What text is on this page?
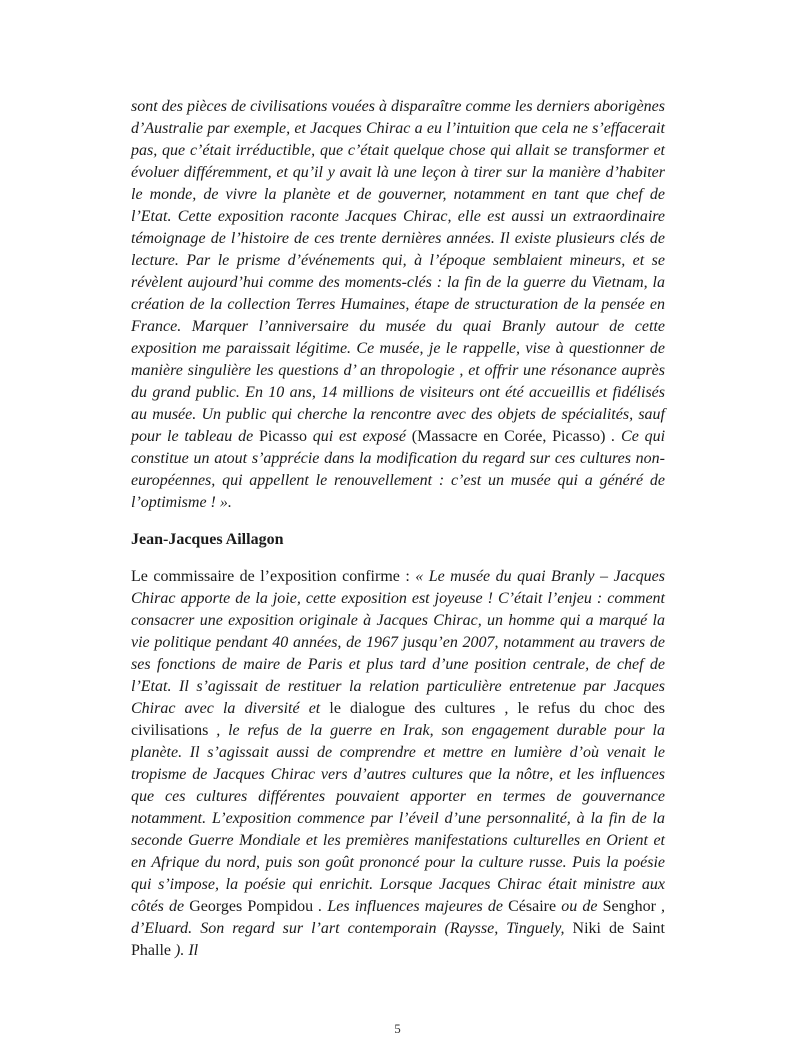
sont des pièces de civilisations vouées à disparaître comme les derniers aborigènes d’Australie par exemple, et Jacques Chirac a eu l’intuition que cela ne s’effacerait pas, que c’était irréductible, que c’était quelque chose qui allait se transformer et évoluer différemment, et qu’il y avait là une leçon à tirer sur la manière d’habiter le monde, de vivre la planète et de gouverner, notamment en tant que chef de l’Etat. Cette exposition raconte Jacques Chirac, elle est aussi un extraordinaire témoignage de l’histoire de ces trente dernières années. Il existe plusieurs clés de lecture. Par le prisme d’événements qui, à l’époque semblaient mineurs, et se révèlent aujourd’hui comme des moments-clés : la fin de la guerre du Vietnam, la création de la collection Terres Humaines, étape de structuration de la pensée en France. Marquer l’anniversaire du musée du quai Branly autour de cette exposition me paraissait légitime. Ce musée, je le rappelle, vise à questionner de manière singulière les questions d’ an thropologie , et offrir une résonance auprès du grand public. En 10 ans, 14 millions de visiteurs ont été accueillis et fidélisés au musée. Un public qui cherche la rencontre avec des objets de spécialités, sauf pour le tableau de Picasso qui est exposé (Massacre en Corée, Picasso) . Ce qui constitue un atout s’apprécie dans la modification du regard sur ces cultures non-européennes, qui appellent le renouvellement : c’est un musée qui a généré de l’optimisme ! ».

Jean-Jacques Aillagon

Le commissaire de l’exposition confirme : « Le musée du quai Branly – Jacques Chirac apporte de la joie, cette exposition est joyeuse ! C’était l’enjeu : comment consacrer une exposition originale à Jacques Chirac, un homme qui a marqué la vie politique pendant 40 années, de 1967 jusqu’en 2007, notamment au travers de ses fonctions de maire de Paris et plus tard d’une position centrale, de chef de l’Etat. Il s’agissait de restituer la relation particulière entretenue par Jacques Chirac avec la diversité et le dialogue des cultures , le refus du choc des civilisations , le refus de la guerre en Irak, son engagement durable pour la planète. Il s’agissait aussi de comprendre et mettre en lumière d’où venait le tropisme de Jacques Chirac vers d’autres cultures que la nôtre, et les influences que ces cultures différentes pouvaient apporter en termes de gouvernance notamment. L’exposition commence par l’éveil d’une personnalité, à la fin de la seconde Guerre Mondiale et les premières manifestations culturelles en Orient et en Afrique du nord, puis son goût prononcé pour la culture russe. Puis la poésie qui s’impose, la poésie qui enrichit. Lorsque Jacques Chirac était ministre aux côtés de Georges Pompidou . Les influences majeures de Césaire ou de Senghor , d’Eluard. Son regard sur l’art contemporain (Raysse, Tinguely, Niki de Saint Phalle ). Il

5
